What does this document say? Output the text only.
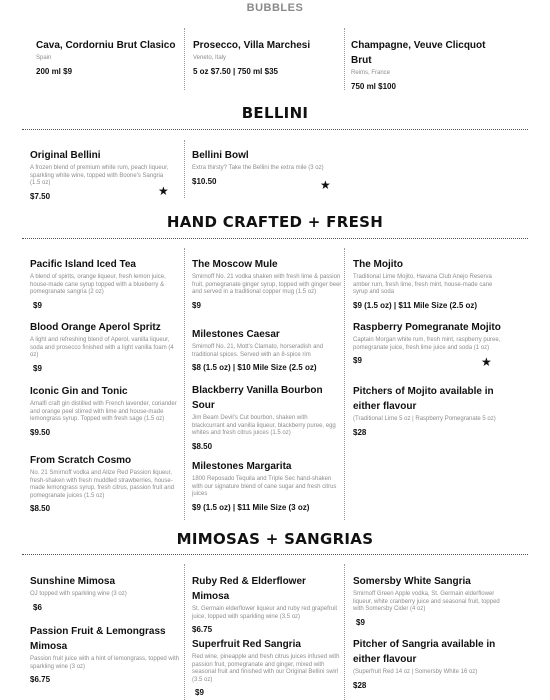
BUBBLES
Cava, Cordorniu Brut Clasico
Spain
200 ml $9
Prosecco, Villa Marchesi
Veneto, Italy
5 oz $7.50 | 750 ml $35
Champagne, Veuve Clicquot Brut
Reims, France
750 ml $100
BELLINI
Original Bellini
A frozen blend of premium white rum, peach liqueur, sparkling white wine, topped with Boone's Sangria (1.5 oz)
$7.50	★
Bellini Bowl
Extra thirsty? Take the Bellini the extra mile (3 oz)
$10.50	★
HAND CRAFTED + FRESH
Pacific Island Iced Tea
A blend of spirits, orange liqueur, fresh lemon juice, house-made cane syrup topped with a blueberry & pomegranate sangria (2 oz)
$9
Blood Orange Aperol Spritz
A light and refreshing blend of Aperol, vanilla liqueur, soda and prosecco finished with a light vanilla foam (4 oz)
$9
Iconic Gin and Tonic
Amalfi craft gin distilled with French lavender, coriander and orange peel stirred with lime and house-made lemongrass syrup. Topped with fresh sage (1.5 oz)
$9.50
From Scratch Cosmo
No. 21 Smirnoff vodka and Alize Red Passion liqueur, fresh-shaken with fresh muddled strawberries, house-made lemongrass syrup, fresh citrus, passion fruit and pomegranate juices (1.5 oz)
$8.50
The Moscow Mule
Smirnoff No. 21 vodka shaken with fresh lime & passion fruit, pomegranate ginger syrup, topped with ginger beer and served in a traditional copper mug (1.5 oz)
$9
Milestones Caesar
Smirnoff No. 21, Mott's Clamato, horseradish and traditional spices. Served with an 8-spice rim
$8 (1.5 oz) | $10 Mile Size (2.5 oz)
Blackberry Vanilla Bourbon Sour
Jim Beam Devil's Cut bourbon, shaken with blackcurrant and vanilla liqueur, blackberry puree, egg whites and fresh citrus juices (1.5 oz)
$8.50
Milestones Margarita
1800 Reposado Tequila and Triple Sec hand-shaken with our signature blend of cane sugar and fresh citrus juices
$9 (1.5 oz) | $11 Mile Size (3 oz)
The Mojito
Traditional Lime Mojito, Havana Club Anejo Reserva amber rum, fresh lime, fresh mint, house-made cane syrup and soda
$9 (1.5 oz) | $11 Mile Size (2.5 oz)
Raspberry Pomegranate Mojito
Captain Morgan white rum, fresh mint, raspberry puree, pomegranate juice, fresh lime juice and soda (1 oz)
$9	★
Pitchers of Mojito available in either flavour
(Traditional Lime 5 oz | Raspberry Pomegranate 5 oz)
$28
MIMOSAS + SANGRIAS
Sunshine Mimosa
OJ topped with sparkling wine (3 oz)
$6
Passion Fruit & Lemongrass Mimosa
Passion fruit juice with a hint of lemongrass, topped with sparkling wine (3 oz)
$6.75
Ruby Red & Elderflower Mimosa
St. Germain elderflower liqueur and ruby red grapefruit juice, topped with sparkling wine (3.5 oz)
$6.75
Superfruit Red Sangria
Red wine, pineapple and fresh citrus juices infused with passion fruit, pomegranate and ginger, mixed with seasonal fruit and finished with our Original Bellini swirl (3.5 oz)
$9
Somersby White Sangria
Smirnoff Green Apple vodka, St. Germain elderflower liqueur, white cranberry juice and seasonal fruit, topped with Somersby Cider (4 oz)
$9
Pitcher of Sangria available in either flavour
(Superfruit Red 14 oz | Somersby White 16 oz)
$28
